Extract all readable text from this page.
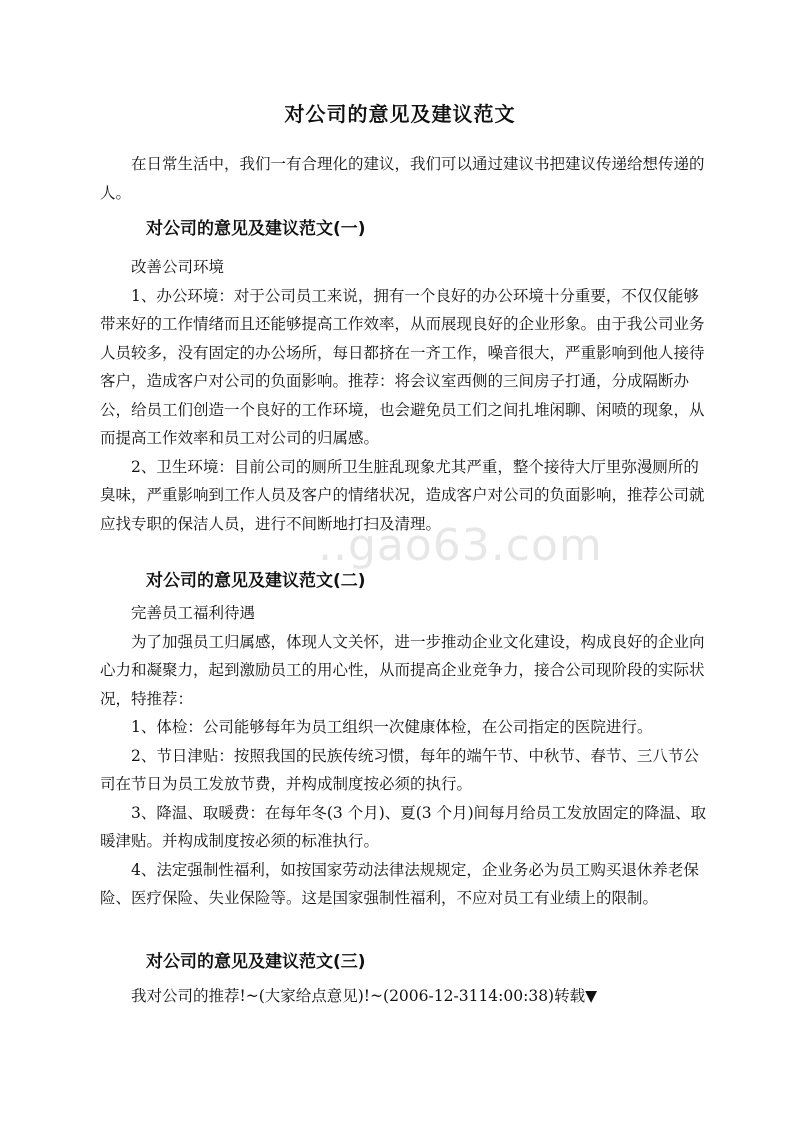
对公司的意见及建议范文

在日常生活中，我们一有合理化的建议，我们可以通过建议书把建议传递给想传递的人。

对公司的意见及建议范文(一)

改善公司环境

1、办公环境：对于公司员工来说，拥有一个良好的办公环境十分重要，不仅仅能够带来好的工作情绪而且还能够提高工作效率，从而展现良好的企业形象。由于我公司业务人员较多，没有固定的办公场所，每日都挤在一齐工作，噪音很大，严重影响到他人接待客户，造成客户对公司的负面影响。推荐：将会议室西侧的三间房子打通，分成隔断办公，给员工们创造一个良好的工作环境，也会避免员工们之间扎堆闲聊、闲喷的现象，从而提高工作效率和员工对公司的归属感。

2、卫生环境：目前公司的厕所卫生脏乱现象尤其严重，整个接待大厅里弥漫厕所的臭味，严重影响到工作人员及客户的情绪状况，造成客户对公司的负面影响，推荐公司就应找专职的保洁人员，进行不间断地打扫及清理。

对公司的意见及建议范文(二)

完善员工福利待遇

为了加强员工归属感，体现人文关怀，进一步推动企业文化建设，构成良好的企业向心力和凝聚力，起到激励员工的用心性，从而提高企业竞争力，接合公司现阶段的实际状况，特推荐：

1、体检：公司能够每年为员工组织一次健康体检，在公司指定的医院进行。

2、节日津贴：按照我国的民族传统习惯，每年的端午节、中秋节、春节、三八节公司在节日为员工发放节费，并构成制度按必须的执行。

3、降温、取暖费：在每年冬(3 个月)、夏(3 个月)间每月给员工发放固定的降温、取暖津贴。并构成制度按必须的标准执行。

4、法定强制性福利，如按国家劳动法律法规规定，企业务必为员工购买退休养老保险、医疗保险、失业保险等。这是国家强制性福利，不应对员工有业绩上的限制。

对公司的意见及建议范文(三)

我对公司的推荐!~(大家给点意见)!~(2006-12-3114:00:38)转载▼

..gao63.com
